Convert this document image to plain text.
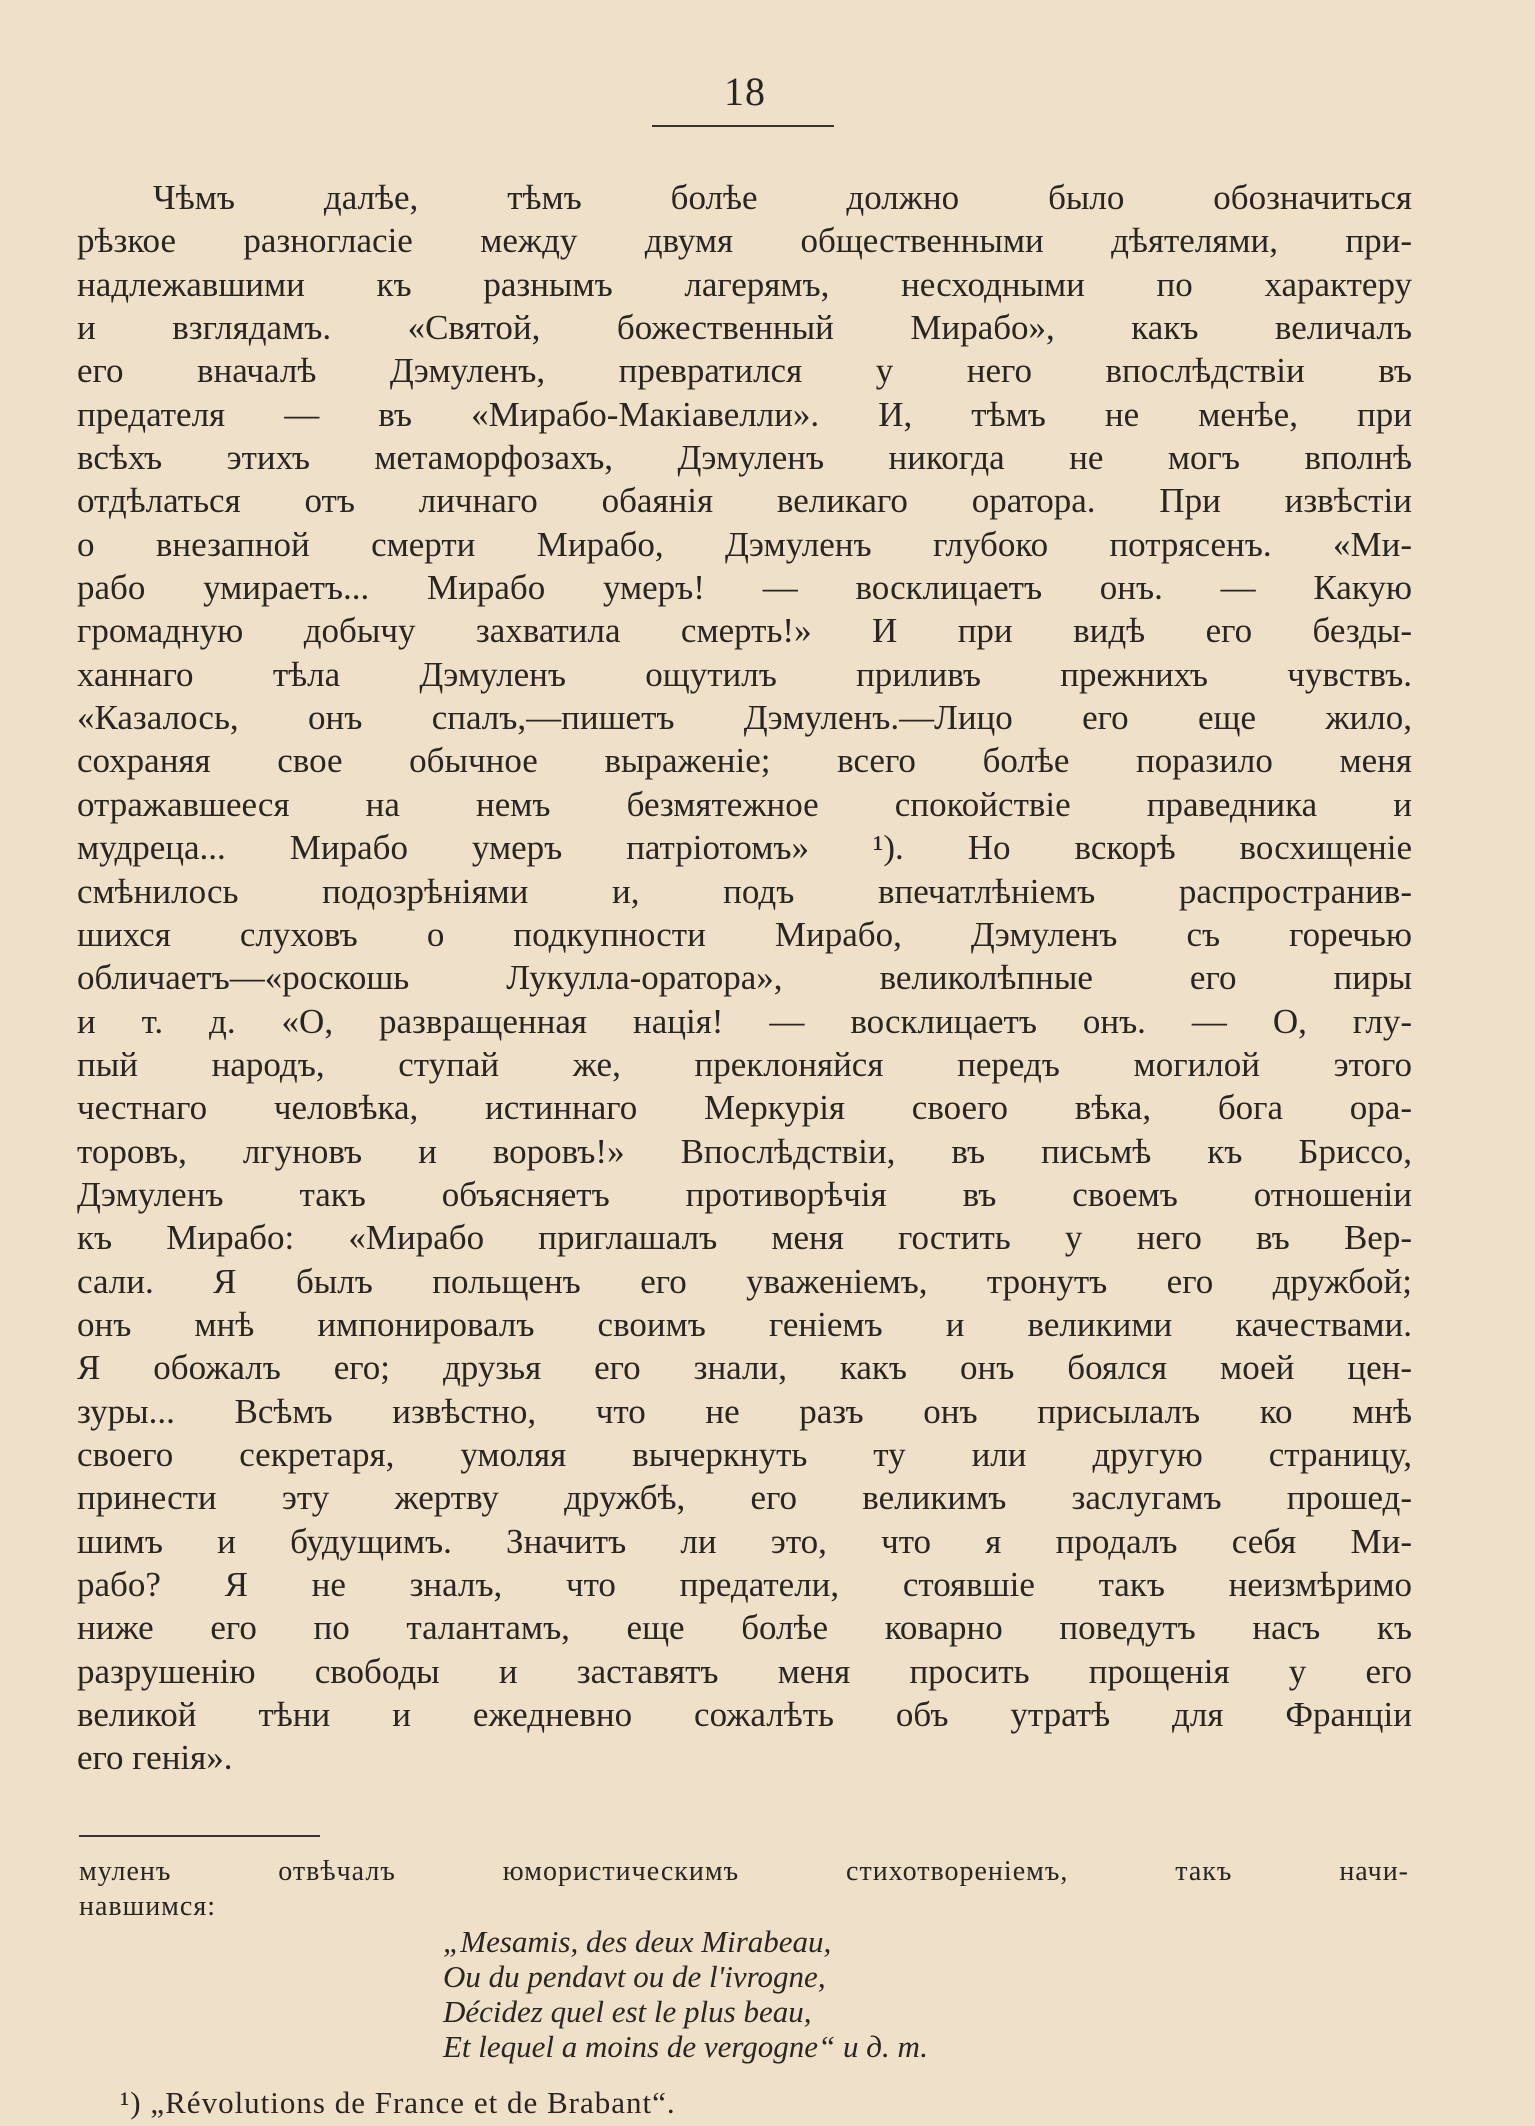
18
Чѣмъ далѣе, тѣмъ болѣе должно было обозначиться
рѣзкое разногласіе между двумя общественными дѣятелями, при-
надлежавшими къ разнымъ лагерямъ, несходными по характеру
и взглядамъ. «Святой, божественный Мирабо», какъ величалъ
его вначалѣ Дэмуленъ, превратился у него впослѣдствіи въ
предателя — въ «Мирабо-Макіавелли». И, тѣмъ не менѣе, при
всѣхъ этихъ метаморфозахъ, Дэмуленъ никогда не могъ вполнѣ
отдѣлаться отъ личнаго обаянія великаго оратора. При извѣстіи
о внезапной смерти Мирабо, Дэмуленъ глубоко потрясенъ. «Ми-
рабо умираетъ... Мирабо умеръ! — восклицаетъ онъ. — Какую
громадную добычу захватила смерть!» И при видѣ его безды-
ханнаго тѣла Дэмуленъ ощутилъ приливъ прежнихъ чувствъ.
«Казалось, онъ спалъ,—пишетъ Дэмуленъ.—Лицо его еще жило,
сохраняя свое обычное выраженіе; всего болѣе поразило меня
отражавшееся на немъ безмятежное спокойствіе праведника и
мудреца... Мирабо умеръ патріотомъ» ¹). Но вскорѣ восхищеніе
смѣнилось подозрѣніями и, подъ впечатлѣніемъ распространив-
шихся слуховъ о подкупности Мирабо, Дэмуленъ съ горечью
обличаетъ—«роскошь Лукулла-оратора», великолѣпные его пиры
и т. д. «О, развращенная нація! — восклицаетъ онъ. — О, глу-
пый народъ, ступай же, преклоняйся передъ могилой этого
честнаго человѣка, истиннаго Меркурія своего вѣка, бога ора-
торовъ, лгуновъ и воровъ!» Впослѣдствіи, въ письмѣ къ Бриссо,
Дэмуленъ такъ объясняетъ противорѣчія въ своемъ отношеніи
къ Мирабо: «Мирабо приглашалъ меня гостить у него въ Вер-
сали. Я былъ польщенъ его уваженіемъ, тронутъ его дружбой;
онъ мнѣ импонировалъ своимъ геніемъ и великими качествами.
Я обожалъ его; друзья его знали, какъ онъ боялся моей цен-
зуры... Всѣмъ извѣстно, что не разъ онъ присылалъ ко мнѣ
своего секретаря, умоляя вычеркнуть ту или другую страницу,
принести эту жертву дружбѣ, его великимъ заслугамъ прошед-
шимъ и будущимъ. Значитъ ли это, что я продалъ себя Ми-
рабо? Я не зналъ, что предатели, стоявшіе такъ неизмѣримо
ниже его по талантамъ, еще болѣе коварно поведутъ насъ къ
разрушенію свободы и заставятъ меня просить прощенія у его
великой тѣни и ежедневно сожалѣть объ утратѣ для Франціи
его генія».
муленъ отвѣчалъ юмористическимъ стихотвореніемъ, такъ начи-
навшимся:
„Mesamis, des deux Mirabeau,
Ou du pendavt ou de l'ivrogne,
Décidez quel est le plus beau,
Et lequel a moins de vergogne“ и д. т.
¹) „Révolutions de France et de Brabant“.
